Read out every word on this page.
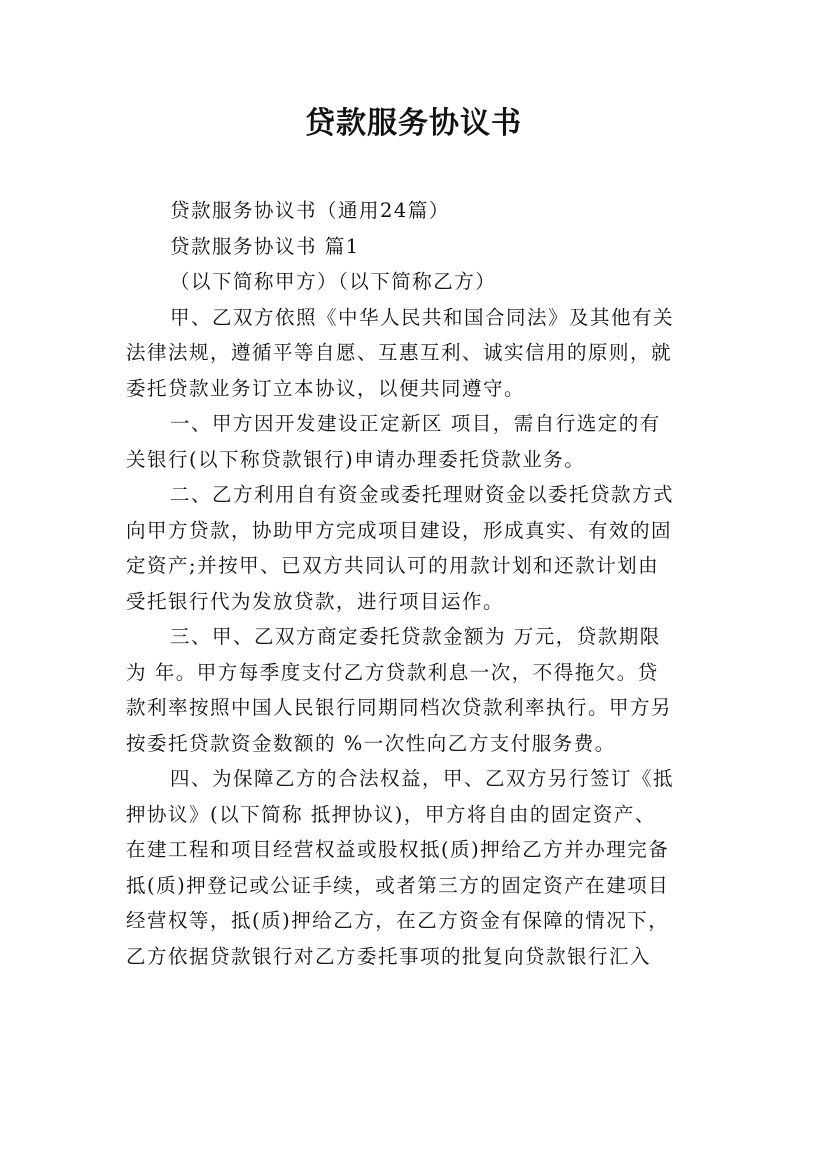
贷款服务协议书
贷款服务协议书（通用24篇）
贷款服务协议书 篇1
（以下简称甲方）（以下简称乙方）
甲、乙双方依照《中华人民共和国合同法》及其他有关
法律法规，遵循平等自愿、互惠互利、诚实信用的原则，就
委托贷款业务订立本协议，以便共同遵守。
一、甲方因开发建设正定新区 项目，需自行选定的有
关银行(以下称贷款银行)申请办理委托贷款业务。
二、乙方利用自有资金或委托理财资金以委托贷款方式
向甲方贷款，协助甲方完成项目建设，形成真实、有效的固
定资产;并按甲、已双方共同认可的用款计划和还款计划由
受托银行代为发放贷款，进行项目运作。
三、甲、乙双方商定委托贷款金额为 万元，贷款期限
为 年。甲方每季度支付乙方贷款利息一次，不得拖欠。贷
款利率按照中国人民银行同期同档次贷款利率执行。甲方另
按委托贷款资金数额的 %一次性向乙方支付服务费。
四、为保障乙方的合法权益，甲、乙双方另行签订《抵
押协议》(以下简称 抵押协议)，甲方将自由的固定资产、
在建工程和项目经营权益或股权抵(质)押给乙方并办理完备
抵(质)押登记或公证手续，或者第三方的固定资产在建项目
经营权等，抵(质)押给乙方，在乙方资金有保障的情况下，
乙方依据贷款银行对乙方委托事项的批复向贷款银行汇入
